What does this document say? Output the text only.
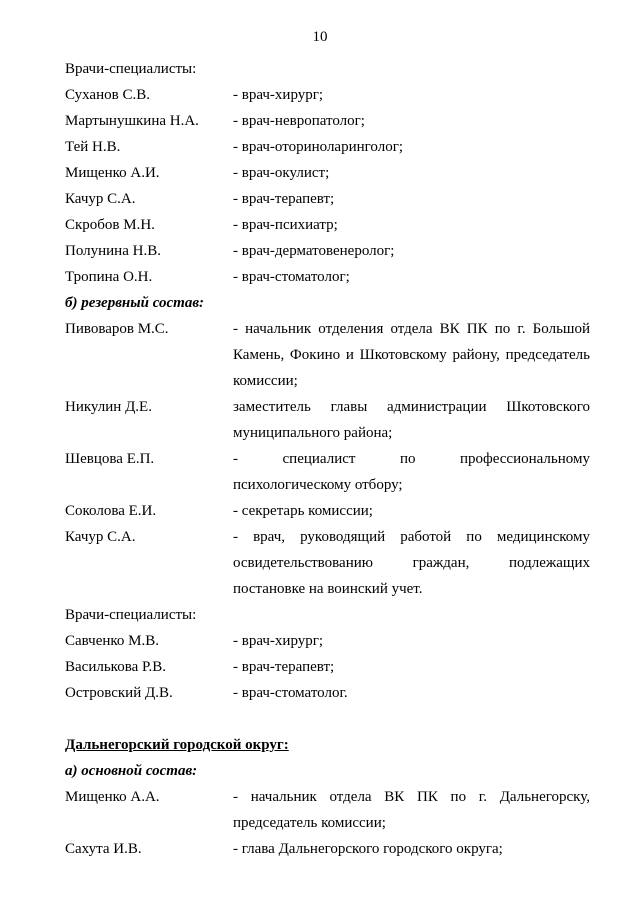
10
Врачи-специалисты:
Суханов С.В.	- врач-хирург;
Мартынушкина Н.А.	- врач-невропатолог;
Тей Н.В.	- врач-оториноларинголог;
Мищенко А.И.	- врач-окулист;
Качур С.А.	- врач-терапевт;
Скробов М.Н.	- врач-психиатр;
Полунина Н.В.	- врач-дерматовенеролог;
Тропина О.Н.	- врач-стоматолог;
б) резервный состав:
Пивоваров М.С.	- начальник отделения отдела ВК ПК по г. Большой
Камень, Фокино и Шкотовскому району, председатель
комиссии;
Никулин Д.Е.	заместитель главы администрации Шкотовского
муниципального района;
Шевцова Е.П.	- специалист по профессиональному
психологическому отбору;
Соколова Е.И.	- секретарь комиссии;
Качур С.А.	- врач, руководящий работой по медицинскому
освидетельствованию граждан, подлежащих
постановке на воинский учет.
Врачи-специалисты:
Савченко М.В.	- врач-хирург;
Василькова Р.В.	- врач-терапевт;
Островский Д.В.	- врач-стоматолог.
Дальнегорский городской округ:
а) основной состав:
Мищенко А.А.	- начальник отдела ВК ПК по г. Дальнегорску,
председатель комиссии;
Сахута И.В.	- глава Дальнегорского городского округа;
